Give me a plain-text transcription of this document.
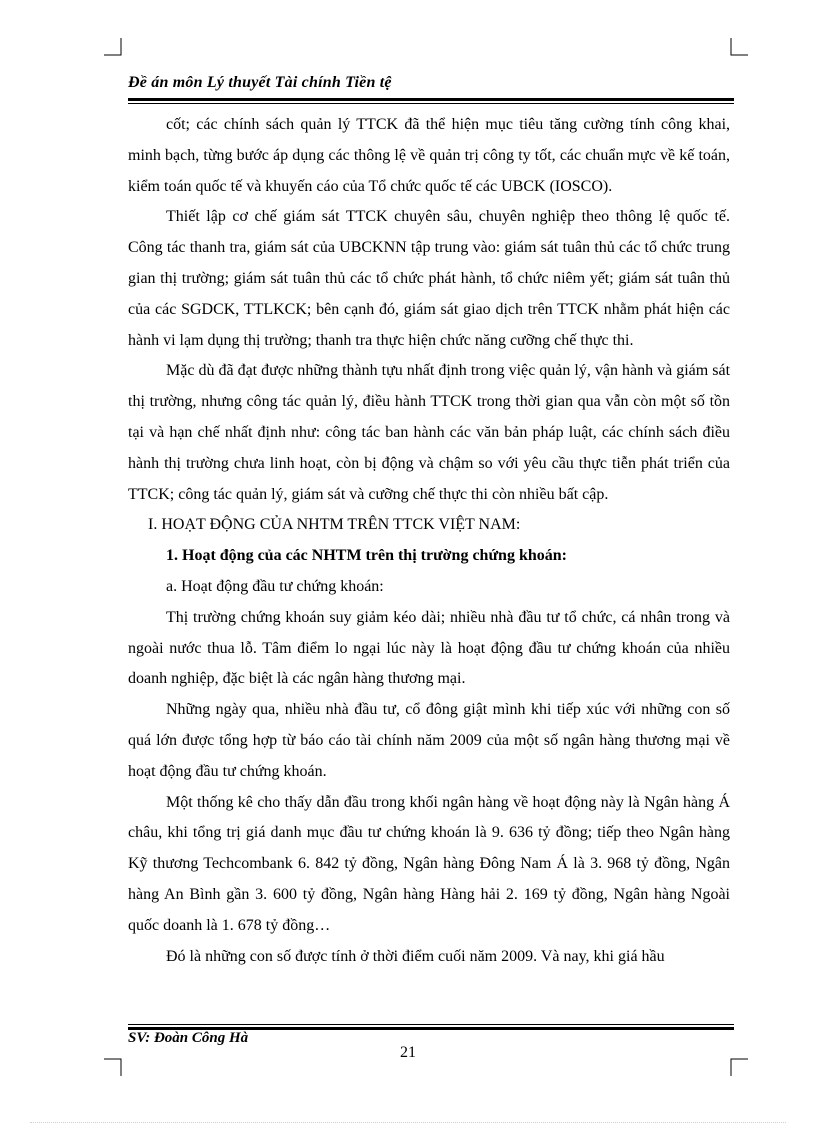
Đề án môn Lý thuyết Tài chính Tiền tệ

cốt; các chính sách quản lý TTCK đã thể hiện mục tiêu tăng cường tính công khai, minh bạch, từng bước áp dụng các thông lệ về quản trị công ty tốt, các chuẩn mực về kế toán, kiểm toán quốc tế và khuyến cáo của Tổ chức quốc tế các UBCK (IOSCO).

Thiết lập cơ chế giám sát TTCK chuyên sâu, chuyên nghiệp theo thông lệ quốc tế. Công tác thanh tra, giám sát của UBCKNN tập trung vào: giám sát tuân thủ các tổ chức trung gian thị trường; giám sát tuân thủ các tổ chức phát hành, tổ chức niêm yết; giám sát tuân thủ của các SGDCK, TTLKCK; bên cạnh đó, giám sát giao dịch trên TTCK nhằm phát hiện các hành vi lạm dụng thị trường; thanh tra thực hiện chức năng cưỡng chế thực thi.

Mặc dù đã đạt được những thành tựu nhất định trong việc quản lý, vận hành và giám sát thị trường, nhưng công tác quản lý, điều hành TTCK trong thời gian qua vẫn còn một số tồn tại và hạn chế nhất định như: công tác ban hành các văn bản pháp luật, các chính sách điều hành thị trường chưa linh hoạt, còn bị động và chậm so với yêu cầu thực tiễn phát triển của TTCK; công tác quản lý, giám sát và cưỡng chế thực thi còn nhiều bất cập.

I. HOẠT ĐỘNG CỦA NHTM TRÊN TTCK VIỆT NAM:

1. Hoạt động của các NHTM trên thị trường chứng khoán:

a. Hoạt động đầu tư chứng khoán:

Thị trường chứng khoán suy giảm kéo dài; nhiều nhà đầu tư tổ chức, cá nhân trong và ngoài nước thua lỗ. Tâm điểm lo ngại lúc này là hoạt động đầu tư chứng khoán của nhiều doanh nghiệp, đặc biệt là các ngân hàng thương mại.

Những ngày qua, nhiều nhà đầu tư, cổ đông giật mình khi tiếp xúc với những con số quá lớn được tổng hợp từ báo cáo tài chính năm 2009 của một số ngân hàng thương mại về hoạt động đầu tư chứng khoán.

Một thống kê cho thấy dẫn đầu trong khối ngân hàng về hoạt động này là Ngân hàng Á châu, khi tổng trị giá danh mục đầu tư chứng khoán là 9. 636 tỷ đồng; tiếp theo Ngân hàng Kỹ thương Techcombank 6. 842 tỷ đồng, Ngân hàng Đông Nam Á là 3. 968 tỷ đồng, Ngân hàng An Bình gần 3. 600 tỷ đồng, Ngân hàng Hàng hải 2. 169 tỷ đồng, Ngân hàng Ngoài quốc doanh là 1. 678 tỷ đồng…

Đó là những con số được tính ở thời điểm cuối năm 2009. Và nay, khi giá hầu

SV: Đoàn Công Hà
21
